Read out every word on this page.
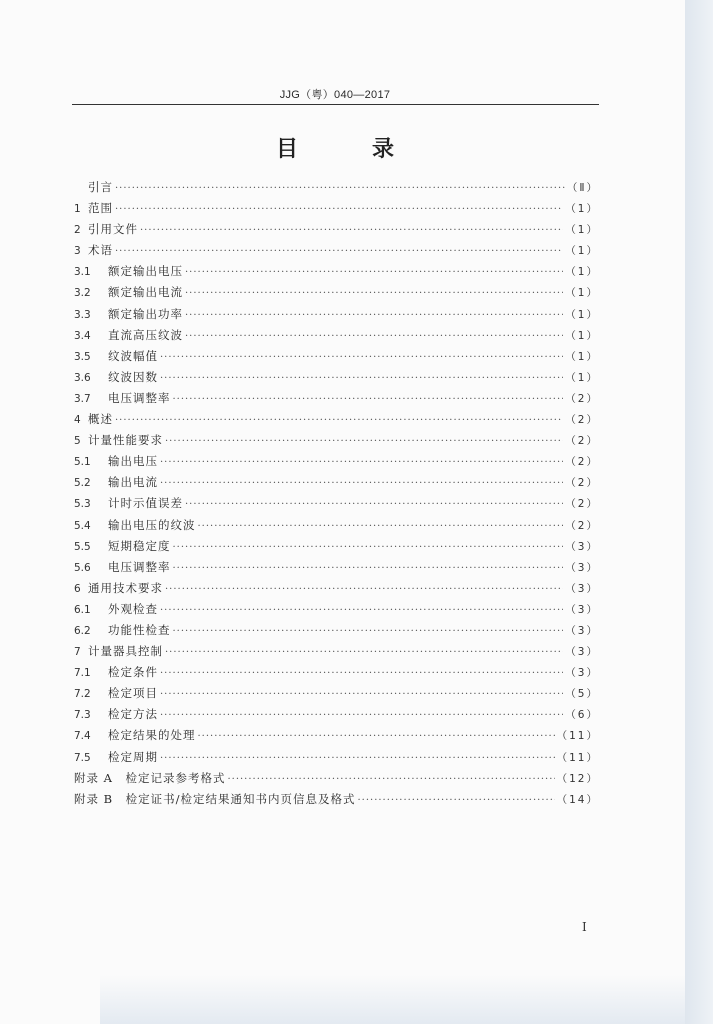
JJG（粤）040—2017
目　录
引言 ·····	（Ⅱ）
1 范围 ·····	（1）
2 引用文件 ·····	（1）
3 术语 ·····	（1）
3.1	额定输出电压 ·····	（1）
3.2	额定输出电流 ·····	（1）
3.3	额定输出功率 ·····	（1）
3.4	直流高压纹波 ·····	（1）
3.5	纹波幅值 ·····	（1）
3.6	纹波因数 ·····	（1）
3.7	电压调整率 ·····	（2）
4 概述 ·····	（2）
5 计量性能要求 ·····	（2）
5.1	输出电压 ·····	（2）
5.2	输出电流 ·····	（2）
5.3	计时示值误差 ·····	（2）
5.4	输出电压的纹波 ·····	（2）
5.5	短期稳定度 ·····	（3）
5.6	电压调整率 ·····	（3）
6 通用技术要求 ·····	（3）
6.1	外观检查 ·····	（3）
6.2	功能性检查 ·····	（3）
7 计量器具控制 ·····	（3）
7.1	检定条件 ·····	（3）
7.2	检定项目 ·····	（5）
7.3	检定方法 ·····	（6）
7.4	检定结果的处理 ·····	（11）
7.5	检定周期 ·····	（11）
附录 A　检定记录参考格式 ·····	（12）
附录 B　检定证书/检定结果通知书内页信息及格式 ·····	（14）
Ⅰ
